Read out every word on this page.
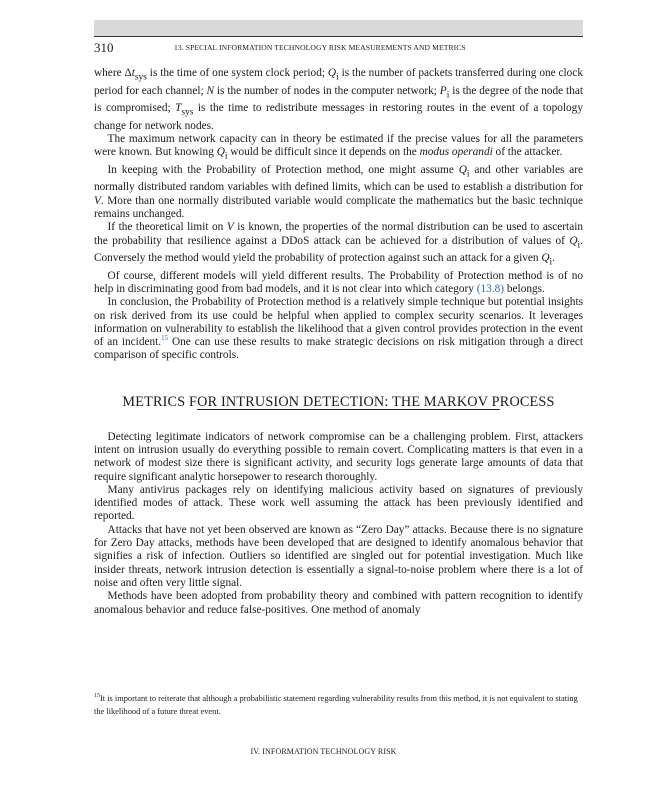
310	13. SPECIAL INFORMATION TECHNOLOGY RISK MEASUREMENTS AND METRICS

where $\Delta t_{sys}$ is the time of one system clock period; $Q_i$ is the number of packets transferred during one clock period for each channel; N is the number of nodes in the computer network; $P_i$ is the degree of the node that is compromised; $T_{sys}$ is the time to redistribute messages in restoring routes in the event of a topology change for network nodes.

The maximum network capacity can in theory be estimated if the precise values for all the parameters were known. But knowing $Q_i$ would be difficult since it depends on the modus operandi of the attacker.

In keeping with the Probability of Protection method, one might assume $Q_i$ and other variables are normally distributed random variables with defined limits, which can be used to establish a distribution for V. More than one normally distributed variable would complicate the mathematics but the basic technique remains unchanged.

If the theoretical limit on V is known, the properties of the normal distribution can be used to ascertain the probability that resilience against a DDoS attack can be achieved for a distribution of values of $Q_i$. Conversely the method would yield the probability of protection against such an attack for a given $Q_i$.

Of course, different models will yield different results. The Probability of Protection method is of no help in discriminating good from bad models, and it is not clear into which category (13.8) belongs.

In conclusion, the Probability of Protection method is a relatively simple technique but potential insights on risk derived from its use could be helpful when applied to complex security scenarios. It leverages information on vulnerability to establish the likelihood that a given control provides protection in the event of an incident.$^{15}$ One can use these results to make strategic decisions on risk mitigation through a direct comparison of specific controls.

METRICS FOR INTRUSION DETECTION: THE MARKOV PROCESS

Detecting legitimate indicators of network compromise can be a challenging problem. First, attackers intent on intrusion usually do everything possible to remain covert. Complicating matters is that even in a network of modest size there is significant activity, and security logs generate large amounts of data that require significant analytic horsepower to research thoroughly.

Many antivirus packages rely on identifying malicious activity based on signatures of previously identified modes of attack. These work well assuming the attack has been previously identified and reported.

Attacks that have not yet been observed are known as “Zero Day” attacks. Because there is no signature for Zero Day attacks, methods have been developed that are designed to identify anomalous behavior that signifies a risk of infection. Outliers so identified are singled out for potential investigation. Much like insider threats, network intrusion detection is essentially a signal-to-noise problem where there is a lot of noise and often very little signal.

Methods have been adopted from probability theory and combined with pattern recognition to identify anomalous behavior and reduce false-positives. One method of anomaly

$^{15}$It is important to reiterate that although a probabilistic statement regarding vulnerability results from this method, it is not equivalent to stating the likelihood of a future threat event.
IV. INFORMATION TECHNOLOGY RISK
